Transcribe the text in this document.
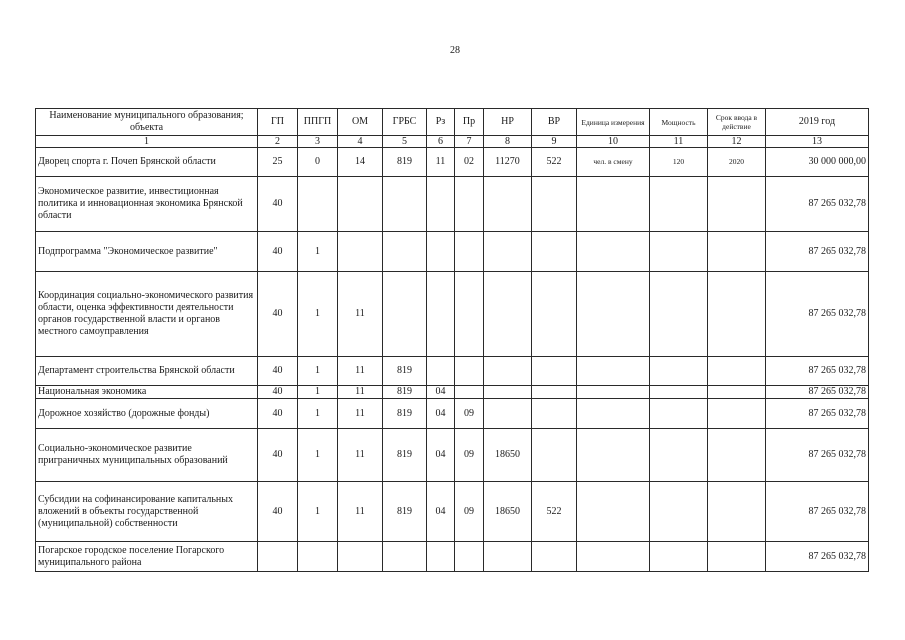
28
Наименование муниципального образования; объекта	ГП	ППГП	ОМ	ГРБС	Рз	Пр	НР	ВР	Единица измерения	Мощность	Срок ввода в действие	2019 год
1	2	3	4	5	6	7	8	9	10	11	12	13
Дворец спорта г. Почеп Брянской области	25	0	14	819	11	02	11270	522	чел. в смену	120	2020	30 000 000,00
Экономическое развитие, инвестиционная политика и инновационная экономика Брянской области	40											87 265 032,78
Подпрограмма "Экономическое развитие"	40	1										87 265 032,78
Координация социально-экономического развития области, оценка эффективности деятельности органов государственной власти и органов местного самоуправления	40	1	11									87 265 032,78
Департамент строительства Брянской области	40	1	11	819								87 265 032,78
Национальная экономика	40	1	11	819	04							87 265 032,78
Дорожное хозяйство (дорожные фонды)	40	1	11	819	04	09						87 265 032,78
Социально-экономическое развитие приграничных муниципальных образований	40	1	11	819	04	09	18650					87 265 032,78
Субсидии на софинансирование капитальных вложений в объекты государственной (муниципальной) собственности	40	1	11	819	04	09	18650	522				87 265 032,78
Погарское городское поселение Погарского муниципального района												87 265 032,78
